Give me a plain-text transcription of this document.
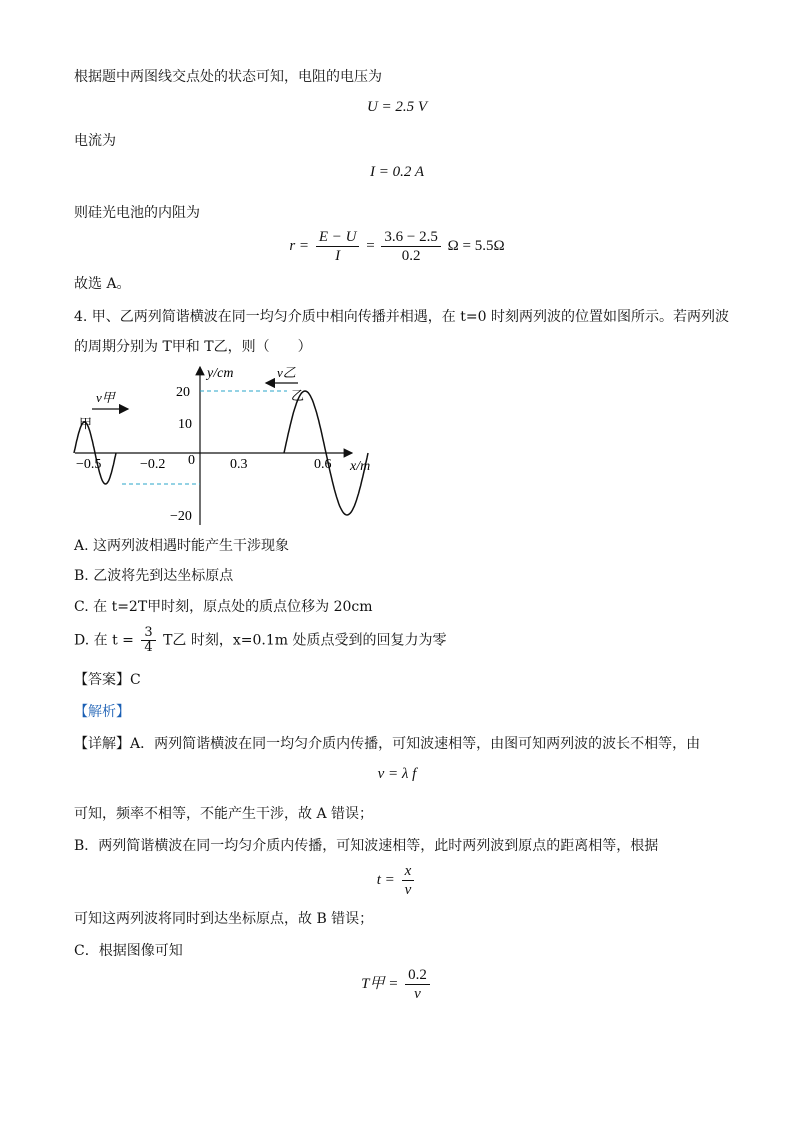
根据题中两图线交点处的状态可知，电阻的电压为
U = 2.5 V
电流为
I = 0.2 A
则硅光电池的内阻为
$r = \frac{E - U}{I} = \frac{3.6 - 2.5}{0.2}$ Ω = 5.5Ω
故选 A。
4. 甲、乙两列简谐横波在同一均匀介质中相向传播并相遇，在 t=0 时刻两列波的位置如图所示。若两列波
的周期分别为 T甲和 T乙，则（　　）
y/cm
x/m
20
10
−20
−0.5	−0.2 0	0.3	0.6
甲
乙
v甲
v乙
A. 这两列波相遇时能产生干涉现象
B. 乙波将先到达坐标原点
C. 在 t=2T甲时刻，原点处的质点位移为 20cm
D. 在 $t = \frac{3}{4}$ T乙 时刻，x=0.1m 处质点受到的回复力为零
【答案】C
【解析】
【详解】A．两列简谐横波在同一均匀介质内传播，可知波速相等，由图可知两列波的波长不相等，由
v = λ f
可知，频率不相等，不能产生干涉，故 A 错误；
B．两列简谐横波在同一均匀介质内传播，可知波速相等，此时两列波到原点的距离相等，根据
$t = \frac{x}{v}$
可知这两列波将同时到达坐标原点，故 B 错误；
C．根据图像可知
T甲 = $\frac{0.2}{v}$
